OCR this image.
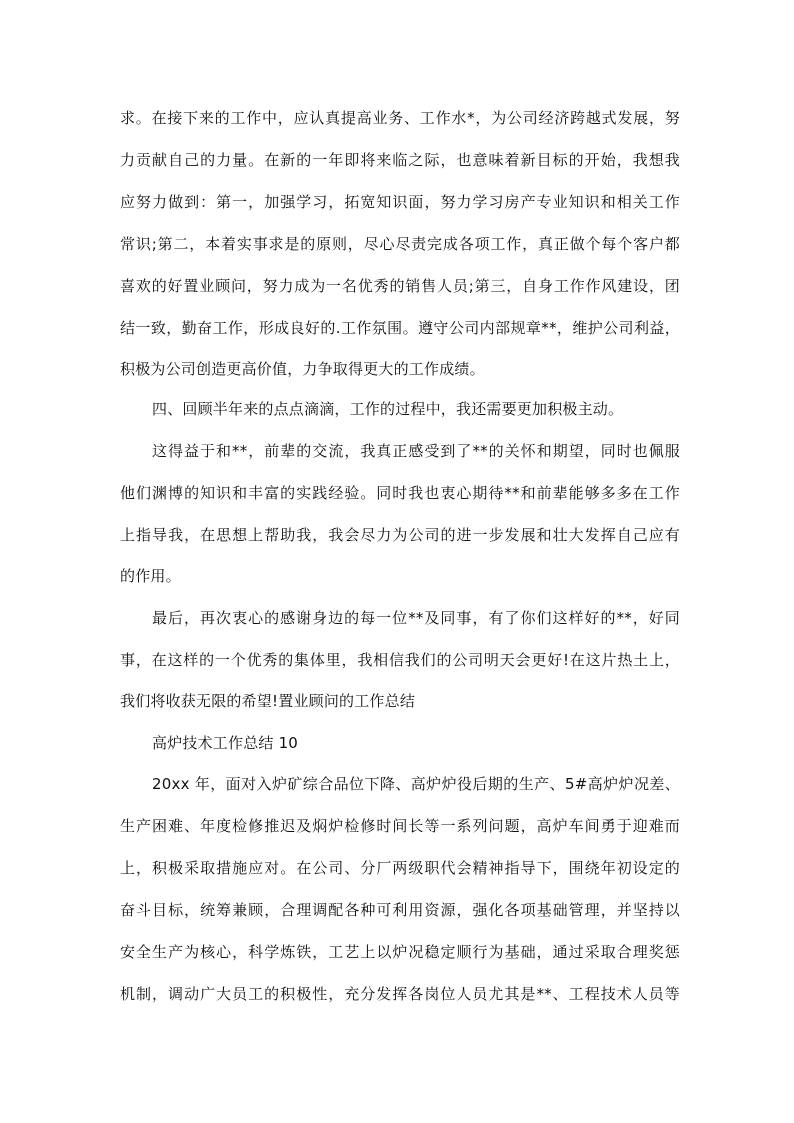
求。在接下来的工作中，应认真提高业务、工作水*，为公司经济跨越式发展，努
力贡献自己的力量。在新的一年即将来临之际，也意味着新目标的开始，我想我
应努力做到：第一，加强学习，拓宽知识面，努力学习房产专业知识和相关工作
常识;第二，本着实事求是的原则，尽心尽责完成各项工作，真正做个每个客户都
喜欢的好置业顾问，努力成为一名优秀的销售人员;第三，自身工作作风建设，团
结一致，勤奋工作，形成良好的.工作氛围。遵守公司内部规章**，维护公司利益，
积极为公司创造更高价值，力争取得更大的工作成绩。
四、回顾半年来的点点滴滴，工作的过程中，我还需要更加积极主动。
这得益于和**，前辈的交流，我真正感受到了**的关怀和期望，同时也佩服
他们渊博的知识和丰富的实践经验。同时我也衷心期待**和前辈能够多多在工作
上指导我，在思想上帮助我，我会尽力为公司的进一步发展和壮大发挥自己应有
的作用。
最后，再次衷心的感谢身边的每一位**及同事，有了你们这样好的**，好同
事，在这样的一个优秀的集体里，我相信我们的公司明天会更好!在这片热土上，
我们将收获无限的希望!置业顾问的工作总结
高炉技术工作总结 10
20xx 年，面对入炉矿综合品位下降、高炉炉役后期的生产、5#高炉炉况差、
生产困难、年度检修推迟及焖炉检修时间长等一系列问题，高炉车间勇于迎难而
上，积极采取措施应对。在公司、分厂两级职代会精神指导下，围绕年初设定的
奋斗目标，统筹兼顾，合理调配各种可利用资源，强化各项基础管理，并坚持以
安全生产为核心，科学炼铁，工艺上以炉况稳定顺行为基础，通过采取合理奖惩
机制，调动广大员工的积极性，充分发挥各岗位人员尤其是**、工程技术人员等
